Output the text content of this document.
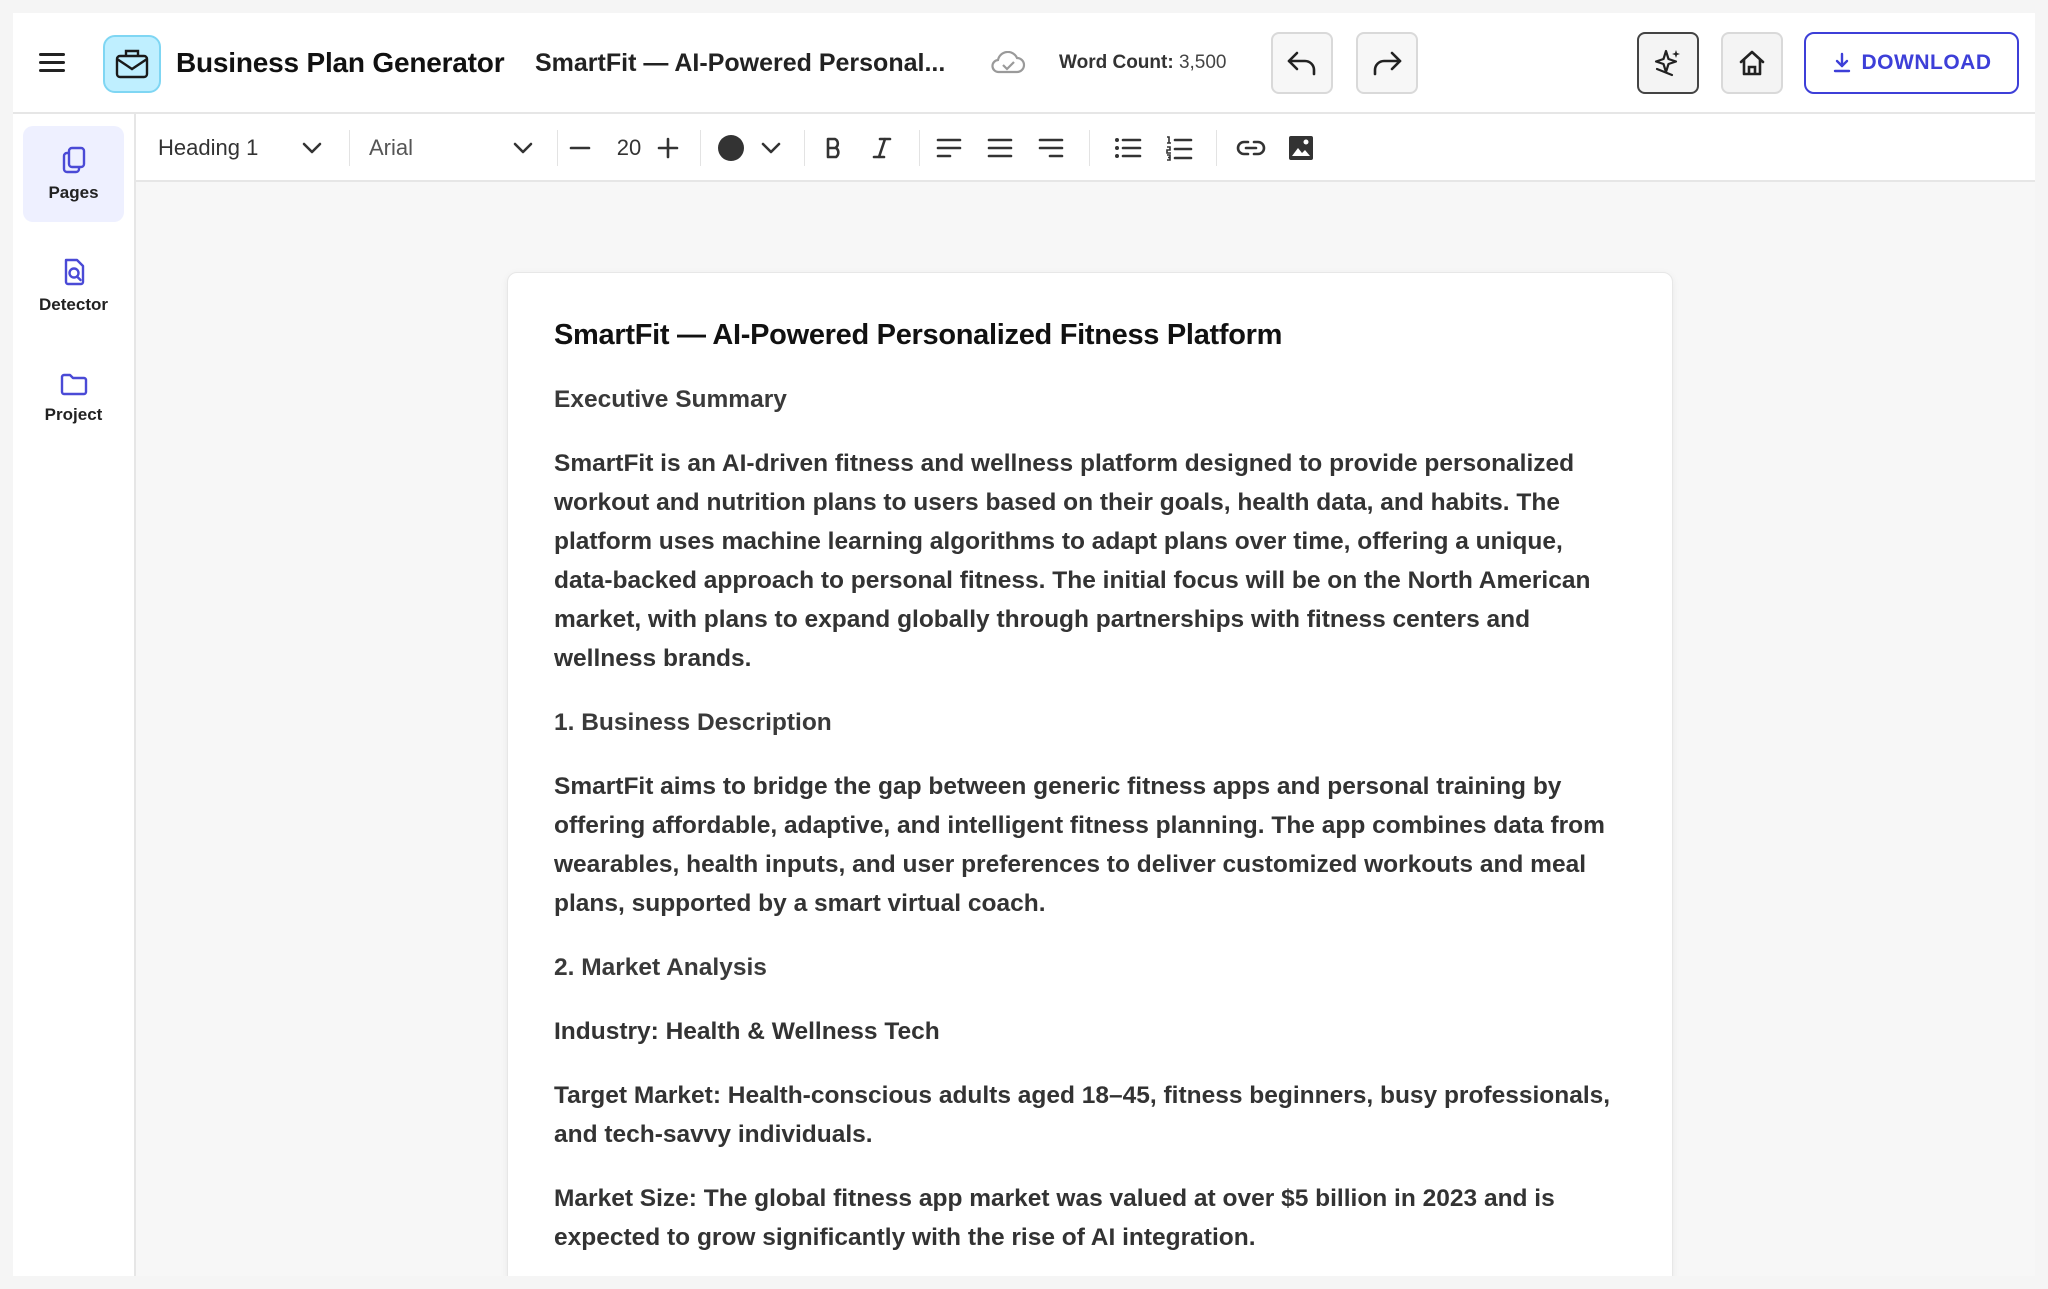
Business Plan Generator SmartFit — AI-Powered Personal...	Word Count: 3,500	DOWNLOAD
Pages
Detector
Project
Heading 1	Arial	20
SmartFit — AI-Powered Personalized Fitness Platform

Executive Summary

SmartFit is an AI-driven fitness and wellness platform designed to provide personalized workout and nutrition plans to users based on their goals, health data, and habits. The platform uses machine learning algorithms to adapt plans over time, offering a unique, data-backed approach to personal fitness. The initial focus will be on the North American market, with plans to expand globally through partnerships with fitness centers and wellness brands.

1. Business Description

SmartFit aims to bridge the gap between generic fitness apps and personal training by offering affordable, adaptive, and intelligent fitness planning. The app combines data from wearables, health inputs, and user preferences to deliver customized workouts and meal plans, supported by a smart virtual coach.

2. Market Analysis

Industry: Health & Wellness Tech

Target Market: Health-conscious adults aged 18–45, fitness beginners, busy professionals, and tech-savvy individuals.

Market Size: The global fitness app market was valued at over $5 billion in 2023 and is expected to grow significantly with the rise of AI integration.
